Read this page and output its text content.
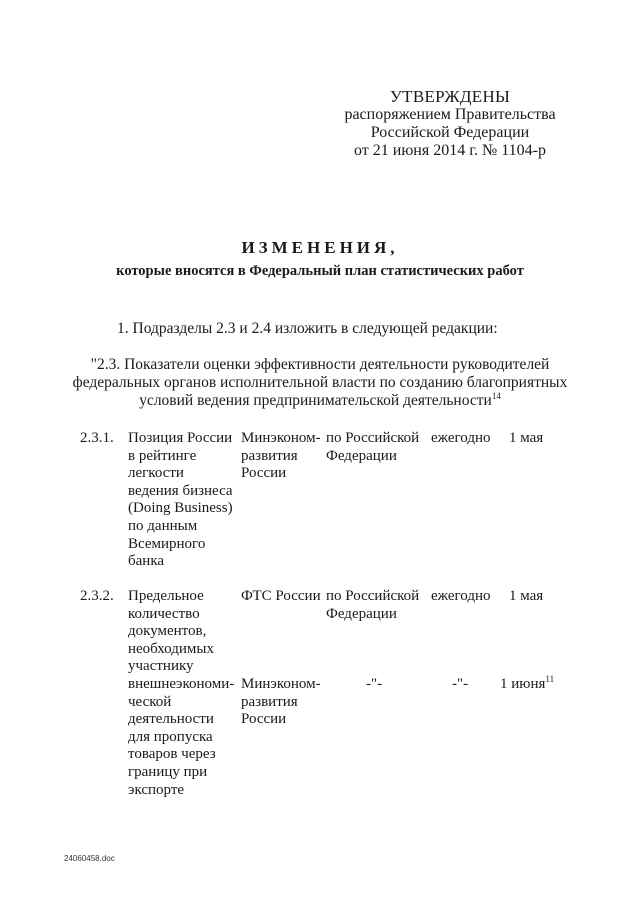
УТВЕРЖДЕНЫ
распоряжением Правительства
Российской Федерации
от 21 июня 2014 г. № 1104-р
ИЗМЕНЕНИЯ,
которые вносятся в Федеральный план статистических работ
1. Подразделы 2.3 и 2.4 изложить в следующей редакции:
"2.3. Показатели оценки эффективности деятельности руководителей
федеральных органов исполнительной власти по созданию благоприятных
условий ведения предпринимательской деятельности$^{14}$
2.3.1. Позиция России
в рейтинге
легкости
ведения бизнеса
(Doing Business)
по данным
Всемирного
банка
Минэконом-
развития
России
по Российской
Федерации
ежегодно 1 мая
2.3.2. Предельное
количество
документов,
необходимых
участнику
внешнеэкономи-
ческой
деятельности
для пропуска
товаров через
границу при
экспорте
ФТС России по Российской
Федерации
ежегодно 1 мая
Минэконом-
развития
России
-"-	-"- 1 июня$^{11}$
24060458.doc
